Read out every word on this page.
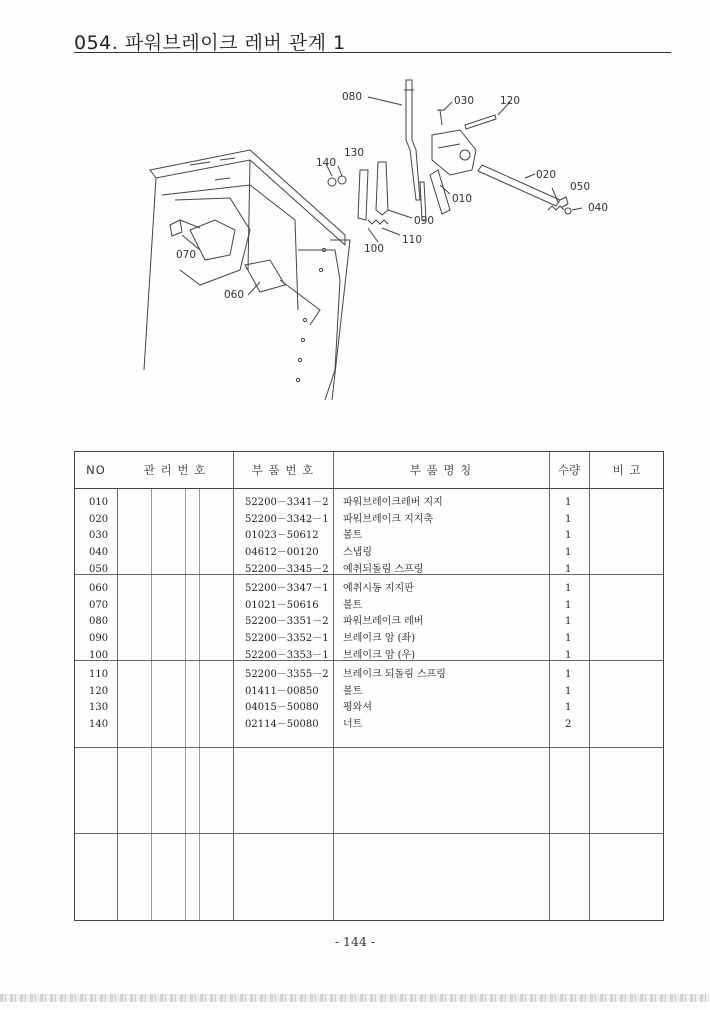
054. 파워브레이크 레버 관계 1
080	030 120
020
050
040
010
090
110
100
130
140
070
060
NO	관 리 번 호	부 품 번 호	부 품 명 칭	수량	비 고
010	52200－3341－2 파워브레이크레버 지지	1
020	52200－3342－1 파워브레이크 지지축	1
030	01023－50612 볼트	1
040	04612－00120 스냅링	1
050	52200－3345－2 예취되돌림 스프링	1
060	52200－3347－1 예취시동 지지판	1
070	01021－50616 볼트	1
080	52200－3351－2 파워브레이크 레버	1
090	52200－3352－1 브레이크 암 (좌)	1
100	52200－3353－1 브레이크 암 (우)	1
110	52200－3355－2 브레이크 되돌림 스프링	1
120	01411－00850 볼트	1
130	04015－50080 평와셔	1
140	02114－50080 너트	2
- 144 -
